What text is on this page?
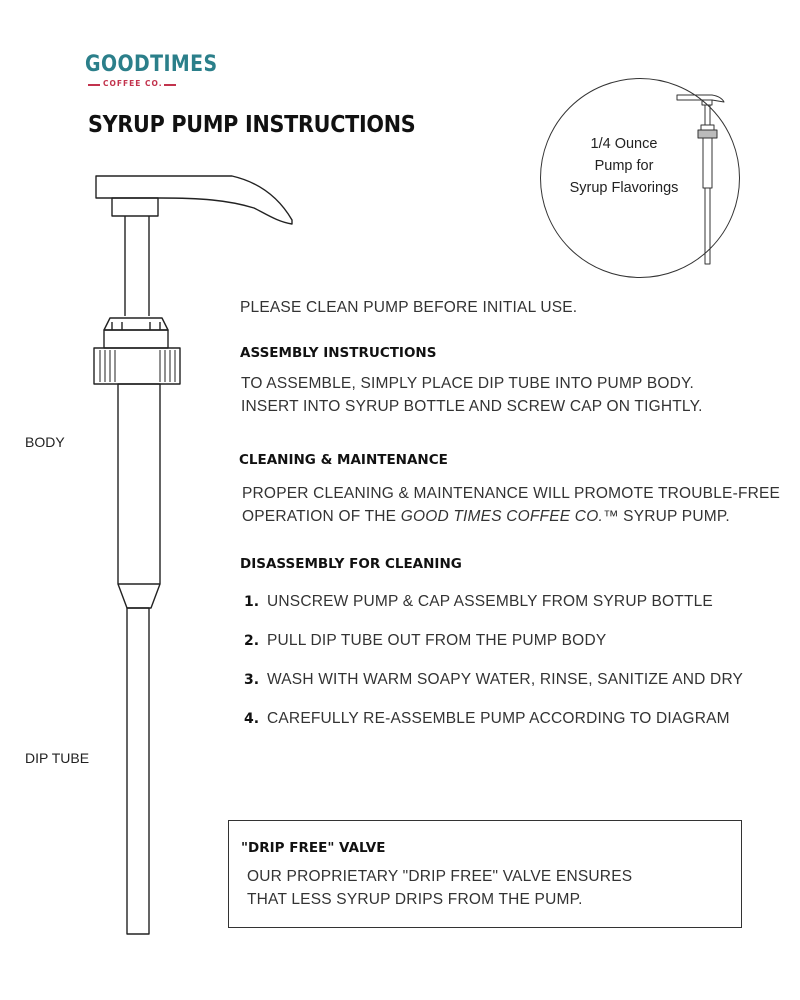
GOODTIMES
COFFEE CO.
SYRUP PUMP INSTRUCTIONS
BODY
DIP TUBE
1/4 Ounce
Pump for
Syrup Flavorings
PLEASE CLEAN PUMP BEFORE INITIAL USE.
ASSEMBLY INSTRUCTIONS
TO ASSEMBLE, SIMPLY PLACE DIP TUBE INTO PUMP BODY.
INSERT INTO SYRUP BOTTLE AND SCREW CAP ON TIGHTLY.
CLEANING & MAINTENANCE
PROPER CLEANING & MAINTENANCE WILL PROMOTE TROUBLE-FREE
OPERATION OF THE GOOD TIMES COFFEE CO.™ SYRUP PUMP.
DISASSEMBLY FOR CLEANING
1. UNSCREW PUMP & CAP ASSEMBLY FROM SYRUP BOTTLE
2. PULL DIP TUBE OUT FROM THE PUMP BODY
3. WASH WITH WARM SOAPY WATER, RINSE, SANITIZE AND DRY
4. CAREFULLY RE-ASSEMBLE PUMP ACCORDING TO DIAGRAM
"DRIP FREE" VALVE
OUR PROPRIETARY "DRIP FREE" VALVE ENSURES
THAT LESS SYRUP DRIPS FROM THE PUMP.
